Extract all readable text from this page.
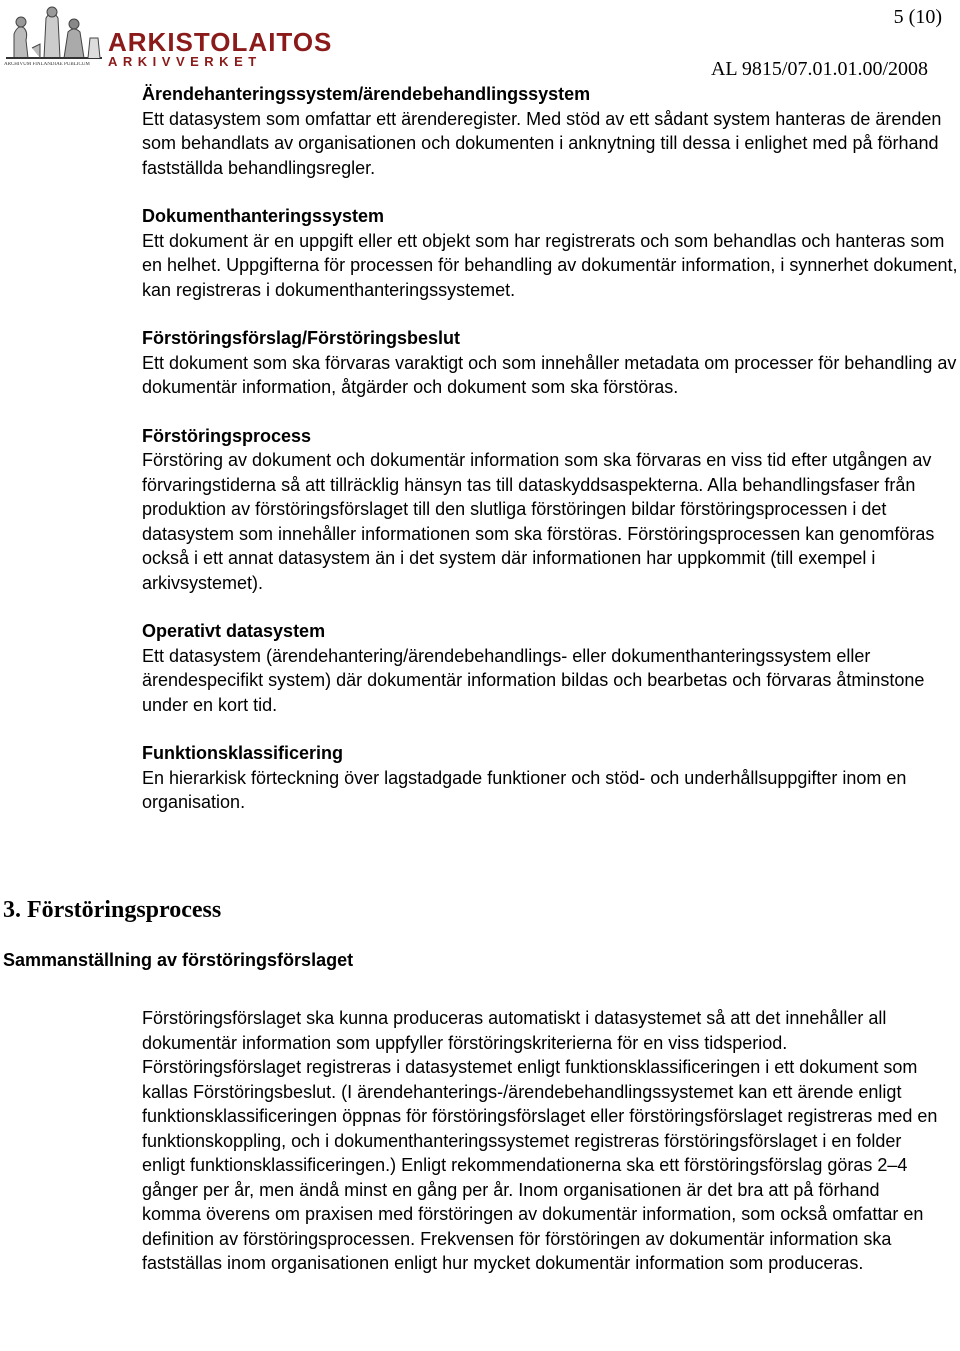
ARCHIVUM FINLANDIAE PUBLICUM
ARKISTOLAITOS
ARKIVVERKET
5 (10)
AL 9815/07.01.01.00/2008
Ärendehanteringssystem/ärendebehandlingssystem
Ett datasystem som omfattar ett ärenderegister. Med stöd av ett sådant system hanteras de ärenden som behandlats av organisationen och dokumenten i anknytning till dessa i enlighet med på förhand fastställda behandlingsregler.
Dokumenthanteringssystem
Ett dokument är en uppgift eller ett objekt som har registrerats och som behandlas och hanteras som en helhet. Uppgifterna för processen för behandling av dokumentär information, i synnerhet dokument, kan registreras i dokumenthanteringssystemet.
Förstöringsförslag/Förstöringsbeslut
Ett dokument som ska förvaras varaktigt och som innehåller metadata om processer för behandling av dokumentär information, åtgärder och dokument som ska förstöras.
Förstöringsprocess
Förstöring av dokument och dokumentär information som ska förvaras en viss tid efter utgången av förvaringstiderna så att tillräcklig hänsyn tas till dataskyddsaspekterna. Alla behandlingsfaser från produktion av förstöringsförslaget till den slutliga förstöringen bildar förstöringsprocessen i det datasystem som innehåller informationen som ska förstöras. Förstöringsprocessen kan genomföras också i ett annat datasystem än i det system där informationen har uppkommit (till exempel i arkivsystemet).
Operativt datasystem
Ett datasystem (ärendehantering/ärendebehandlings- eller dokumenthanteringssystem eller ärendespecifikt system) där dokumentär information bildas och bearbetas och förvaras åtminstone under en kort tid.
Funktionsklassificering
En hierarkisk förteckning över lagstadgade funktioner och stöd- och underhållsuppgifter inom en organisation.
3. Förstöringsprocess
Sammanställning av förstöringsförslaget
Förstöringsförslaget ska kunna produceras automatiskt i datasystemet så att det innehåller all dokumentär information som uppfyller förstöringskriterierna för en viss tidsperiod. Förstöringsförslaget registreras i datasystemet enligt funktionsklassificeringen i ett dokument som kallas Förstöringsbeslut. (I ärendehanterings-/ärendebehandlingssystemet kan ett ärende enligt funktionsklassificeringen öppnas för förstöringsförslaget eller förstöringsförslaget registreras med en funktionskoppling, och i dokumenthanteringssystemet registreras förstöringsförslaget i en folder enligt funktionsklassificeringen.) Enligt rekommendationerna ska ett förstöringsförslag göras 2–4 gånger per år, men ändå minst en gång per år. Inom organisationen är det bra att på förhand komma överens om praxisen med förstöringen av dokumentär information, som också omfattar en definition av förstöringsprocessen. Frekvensen för förstöringen av dokumentär information ska fastställas inom organisationen enligt hur mycket dokumentär information som produceras.
